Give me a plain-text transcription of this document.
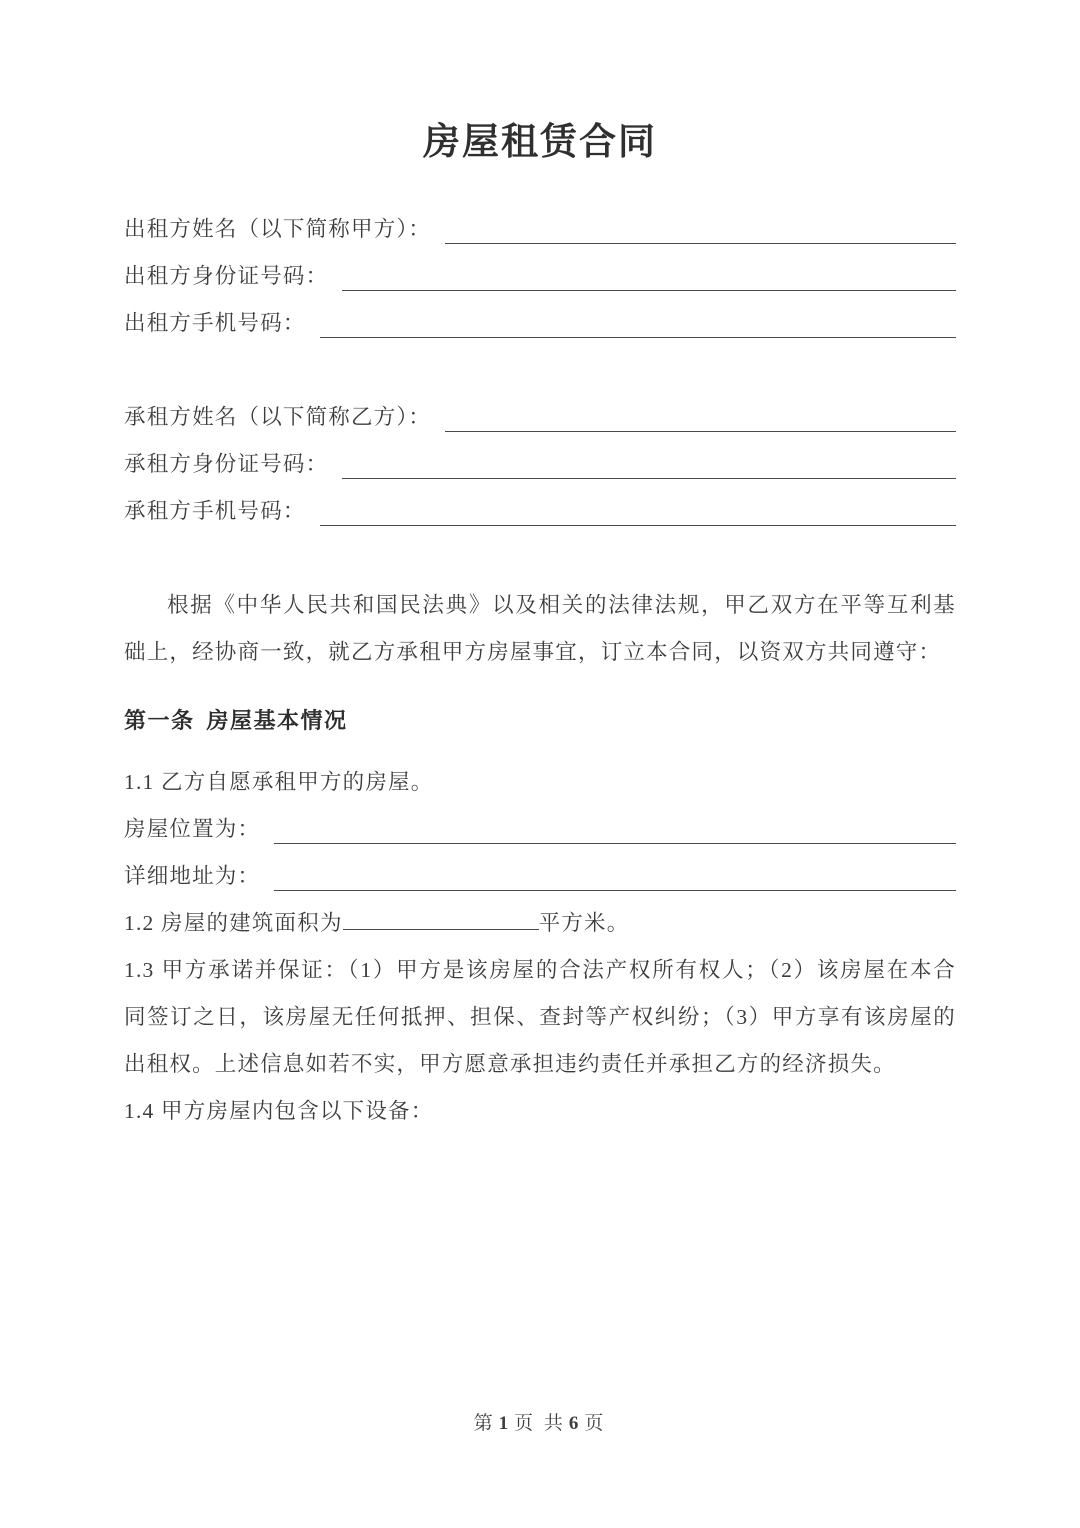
房屋租赁合同
出租方姓名（以下简称甲方）：
出租方身份证号码：
出租方手机号码：
承租方姓名（以下简称乙方）：
承租方身份证号码：
承租方手机号码：

根据《中华人民共和国民法典》以及相关的法律法规，甲乙双方在平等互利基础上，经协商一致，就乙方承租甲方房屋事宜，订立本合同，以资双方共同遵守：

第一条 房屋基本情况

1.1 乙方自愿承租甲方的房屋。

房屋位置为：
详细地址为：

1.2 房屋的建筑面积为	平方米。

1.3 甲方承诺并保证：（1）甲方是该房屋的合法产权所有权人；（2）该房屋在本合同签订之日，该房屋无任何抵押、担保、查封等产权纠纷；（3）甲方享有该房屋的出租权。上述信息如若不实，甲方愿意承担违约责任并承担乙方的经济损失。

1.4 甲方房屋内包含以下设备：

第 1 页 共 6 页
